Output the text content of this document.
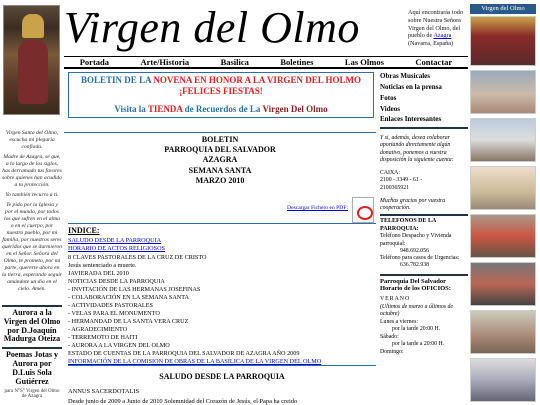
Virgen Santa del Olmo, escucha mi plegaria confiada.

Madre de Azagra, sé que, a lo largo de los siglos, has derramado tus favores sobre quienes han acudido a tu protección.

Yo también recurro a ti.

Te pido por la Iglesia y por el mundo, por todos los que sufren en el alma o en el cuerpo, por nuestro pueblo, por mi familia, por nuestros seres queridos que se durmieron en el Señor. Señora del Olmo, te prometo, por mi parte, quererte ahora en la tierra, esperando seguir amándote un día en el cielo. Amén.

Aurora a la Virgen del Olmo por D.Joaquín Madurga Oteiza
Poemas Jotas y Aurora por D.Luis Sola Gutiérrez
para N°S° Virgen del Olmo de Azagra
Virgen del Olmo	Aquí encontrarás todo sobre Nuestra Señora Virgen del Olmo, del pueblo de Azagra (Navarra, España)
Portada	Arte/Historia	Basilica	Boletines	Las Olmos	Contactar
BOLETIN DE LA NOVENA EN HONOR A LA VIRGEN DEL HOLMO
¡FELICES FIESTAS!
Visita la TIENDA de Recuerdos de La Virgen Del Olmo
BOLETIN
PARROQUIA DEL SALVADOR
AZAGRA
SEMANA SANTA
MARZO 2010
Descargar Fichero en PDF:
INDICE:
SALUDO DESDE LA PARROQUIA
HORARIO DE ACTOS RELIGIOSOS
8 CLAVES PASTORALES DE LA CRUZ DE CRISTO
Jesús sentenciado a muerte.
JAVIERADA DEL 2010
NOTICIAS DESDE LA PARROQUIA
- INVITACIÓN DE LAS HERMANAS JOSEFINAS
- COLABORACIÓN EN LA SEMANA SANTA
- ACTIVIDADES PASTORALES
- VELAS PARA EL MONUMENTO
- HERMANDAD DE LA SANTA VERA CRUZ
- AGRADECIMIENTO
- TERREMOTO DE HAITI
- AURORA A LA VIRGEN DEL OLMO
ESTADO DE CUENTAS DE LA PARROQUIA DEL SALVADOR DE AZAGRA AÑO 2009
INFORMACIÓN DE LA COMISION DE OBRAS DE LA BASÍLICA DE LA VIRGEN DEL OLMO
SALUDO DESDE LA PARROQUIA
ANNUS SACERDOTALIS
Desde junio de 2009 a Junio de 2010 Solemnidad del Corazón de Jesús, el Papa ha creido
Obras Musicales
Noticias en la prensa
Fotos
Videos
Enlaces Interesantes
Y si, además, desea colaborar aportando directamente algún donativo, ponemos a vuestra disposición la siguiente cuenta:
CAIXA:
2100 - 3349 - 61 -
2100365921
Muchas gracias por vuestra cooperación.
TELEFONOS DE LA PARROQUIA:
Teléfono Despacho y Vivienda parroquial:
948.692.056
Teléfono para casos de Urgencias:
636.782.938
Parroquia Del Salvador Horario de los OFICIOS:
VERANO
(Ultimos de marzo a últimos de octubre)
Lunes a viernes:
por la tarde 20:00 H.
Sábado:
por la tarde a 20:00 H.
Domingo:
Virgen del Olmo
